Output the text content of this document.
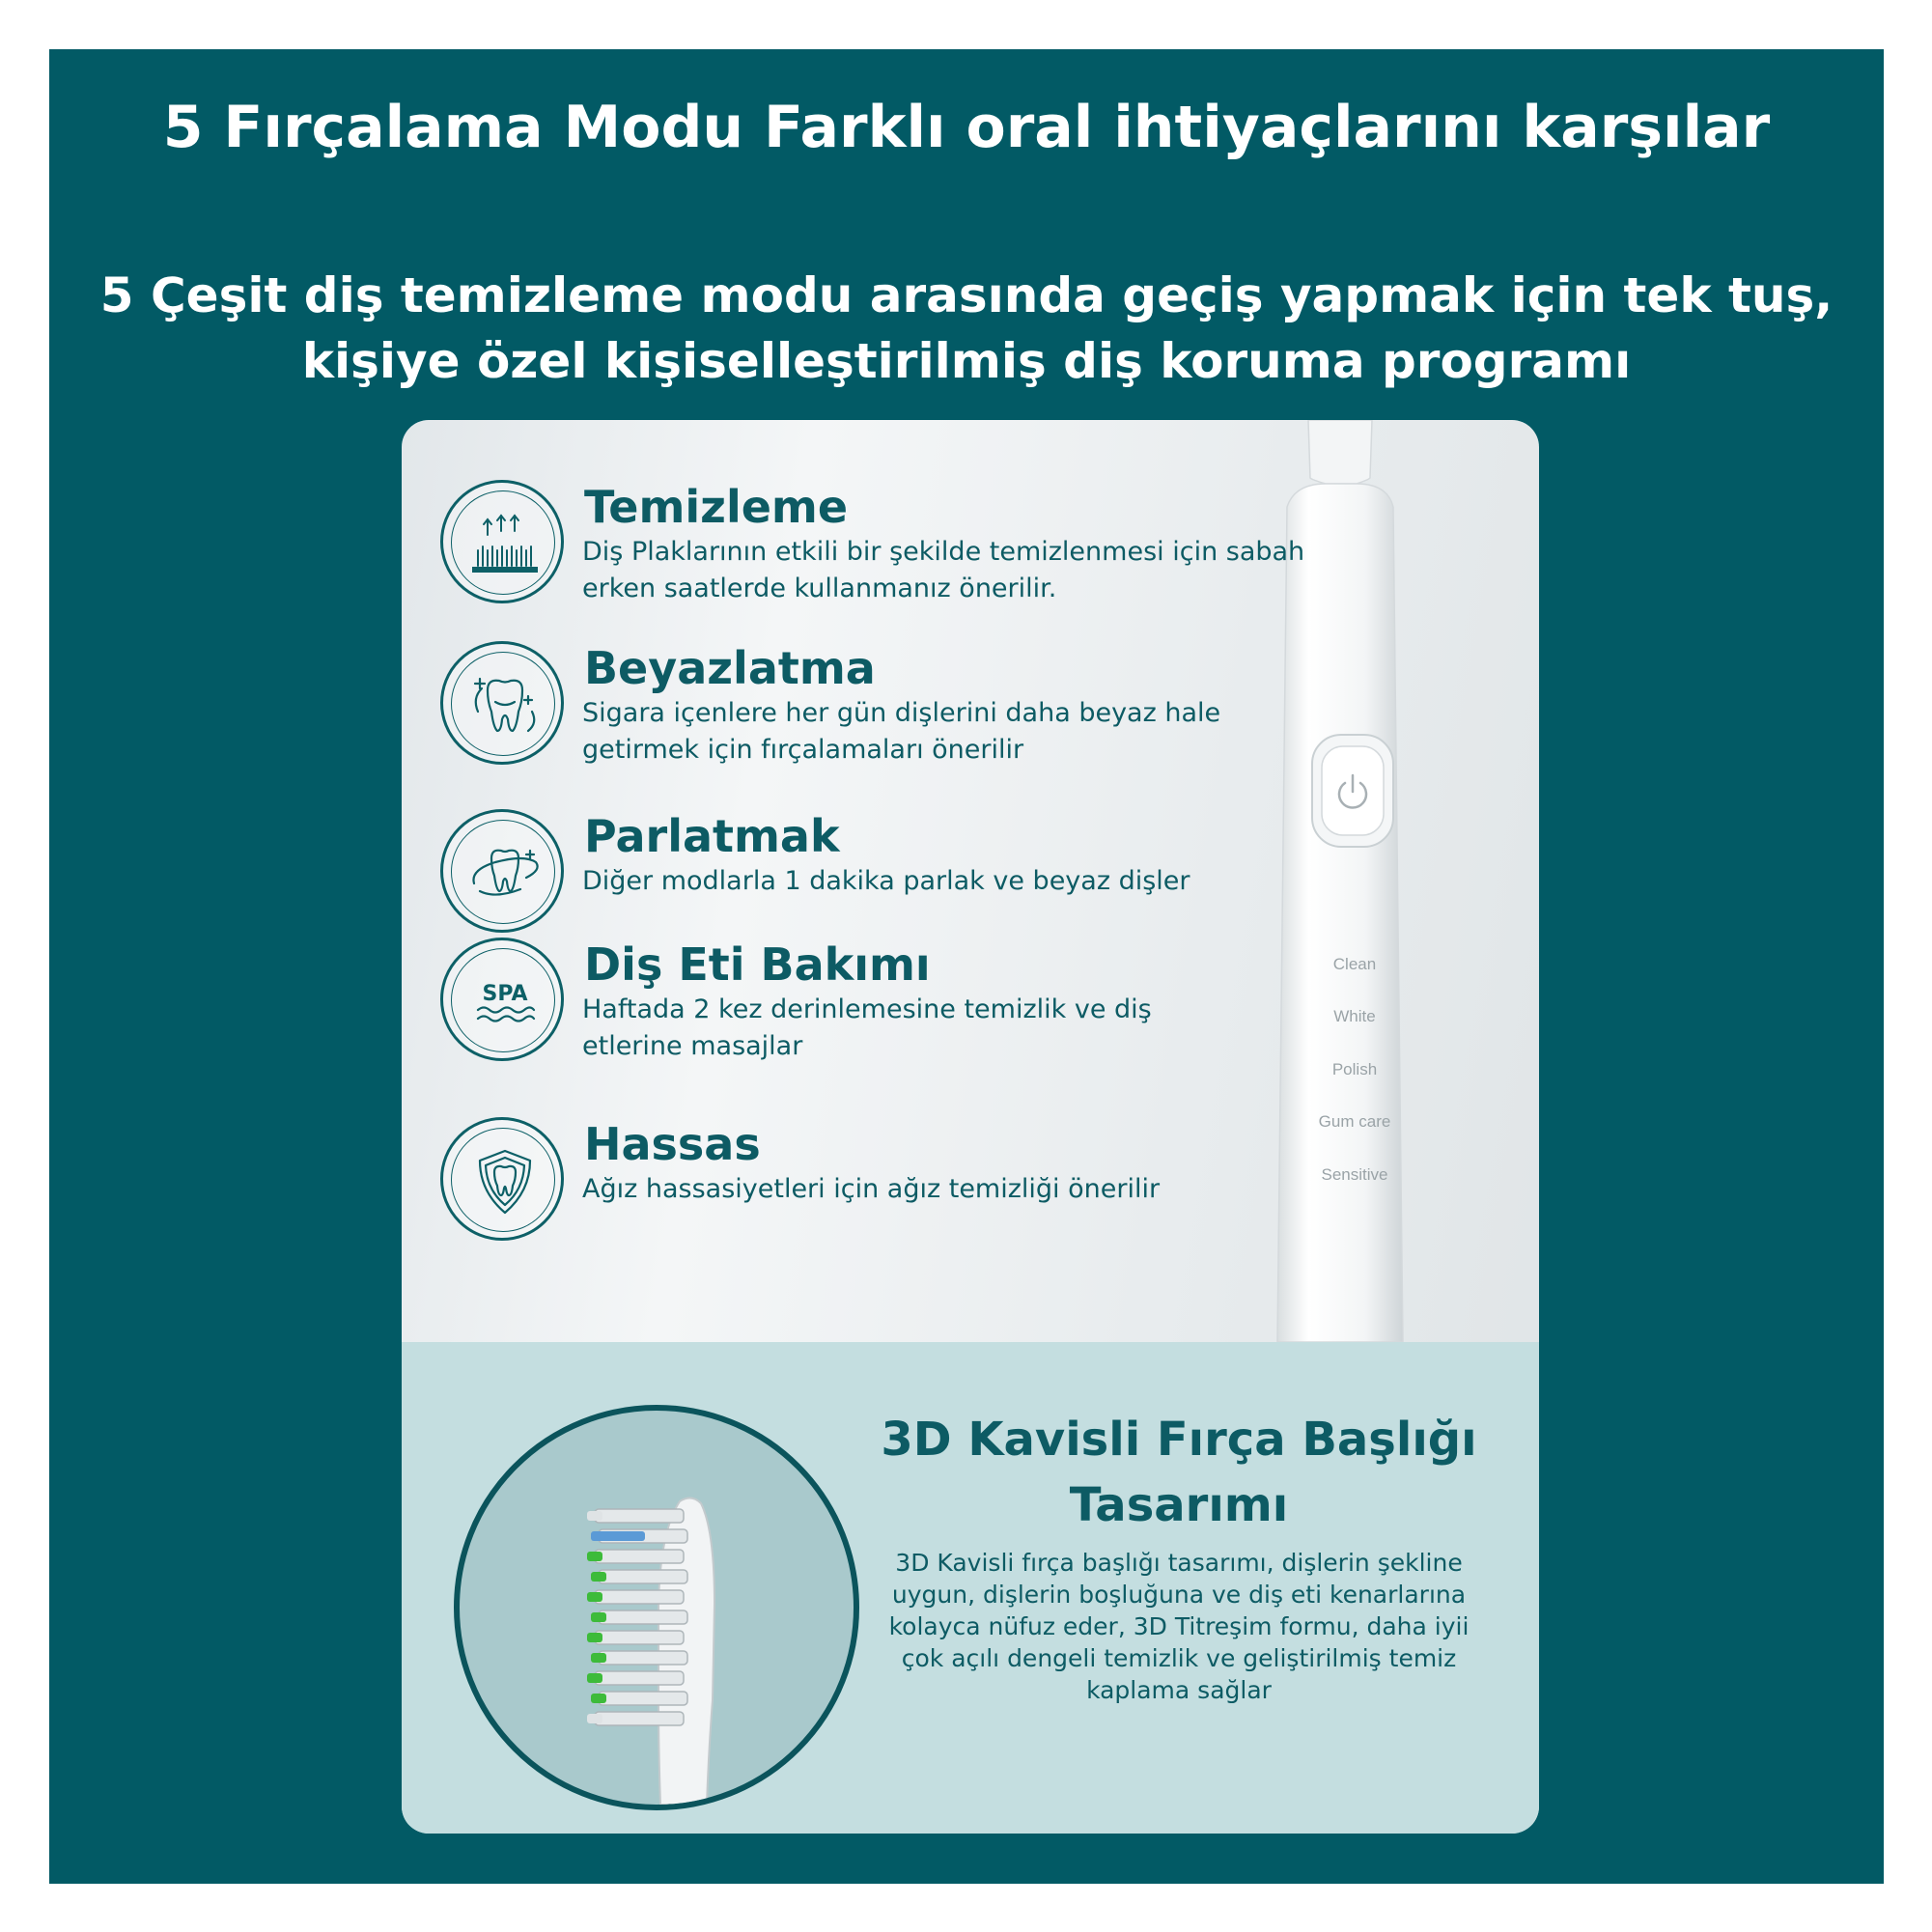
5 Fırçalama Modu Farklı oral ihtiyaçlarını karşılar
5 Çeşit diş temizleme modu arasında geçiş yapmak için tek tuş, kişiye özel kişiselleştirilmiş diş koruma programı
Clean
White
Polish
Gum care
Sensitive
Temizleme

Diş Plaklarının etkili bir şekilde temizlenmesi için sabah erken saatlerde kullanmanız önerilir.

Beyazlatma

Sigara içenlere her gün dişlerini daha beyaz hale getirmek için fırçalamaları önerilir

Parlatmak

Diğer modlarla 1 dakika parlak ve beyaz dişler

SPA
Diş Eti Bakımı

Haftada 2 kez derinlemesine temizlik ve diş etlerine masajlar

Hassas

Ağız hassasiyetleri için ağız temizliği önerilir

3D Kavisli Fırça Başlığı Tasarımı

3D Kavisli fırça başlığı tasarımı, dişlerin şekline uygun, dişlerin boşluğuna ve diş eti kenarlarına kolayca nüfuz eder, 3D Titreşim formu, daha iyii çok açılı dengeli temizlik ve geliştirilmiş temiz kaplama sağlar
